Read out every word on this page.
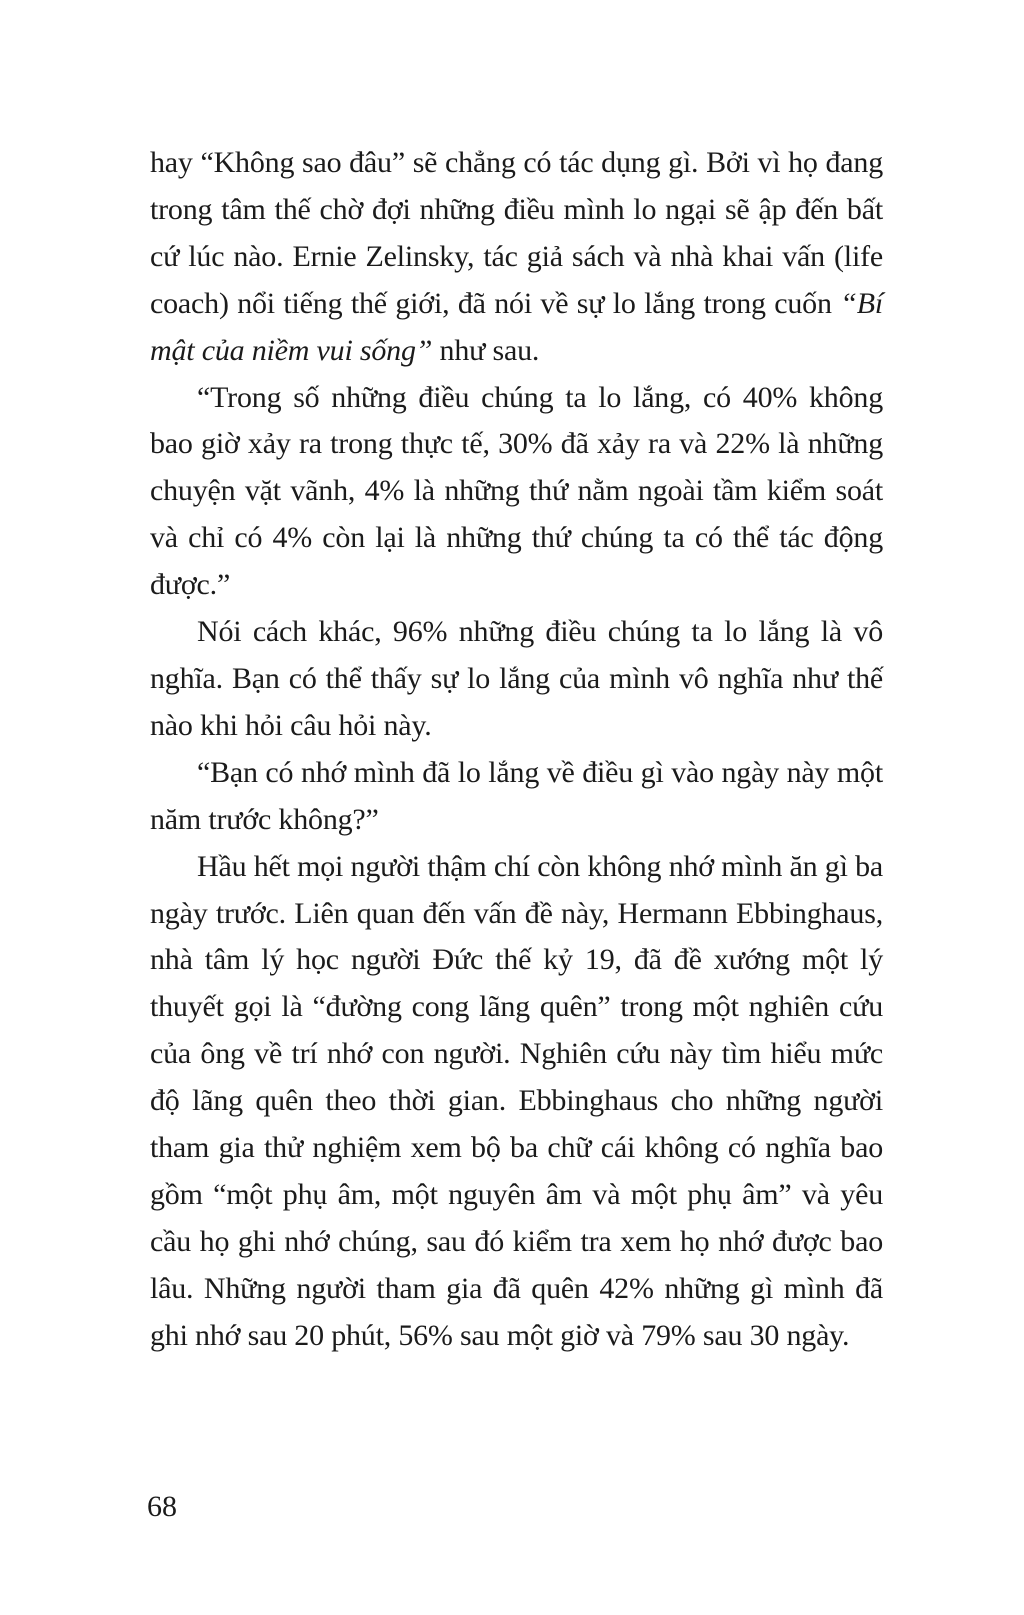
hay “Không sao đâu” sẽ chẳng có tác dụng gì. Bởi vì họ đang trong tâm thế chờ đợi những điều mình lo ngại sẽ ập đến bất cứ lúc nào. Ernie Zelinsky, tác giả sách và nhà khai vấn (life coach) nổi tiếng thế giới, đã nói về sự lo lắng trong cuốn “Bí mật của niềm vui sống” như sau.

“Trong số những điều chúng ta lo lắng, có 40% không bao giờ xảy ra trong thực tế, 30% đã xảy ra và 22% là những chuyện vặt vãnh, 4% là những thứ nằm ngoài tầm kiểm soát và chỉ có 4% còn lại là những thứ chúng ta có thể tác động được.”

Nói cách khác, 96% những điều chúng ta lo lắng là vô nghĩa. Bạn có thể thấy sự lo lắng của mình vô nghĩa như thế nào khi hỏi câu hỏi này.

“Bạn có nhớ mình đã lo lắng về điều gì vào ngày này một năm trước không?”

Hầu hết mọi người thậm chí còn không nhớ mình ăn gì ba ngày trước. Liên quan đến vấn đề này, Hermann Ebbinghaus, nhà tâm lý học người Đức thế kỷ 19, đã đề xướng một lý thuyết gọi là “đường cong lãng quên” trong một nghiên cứu của ông về trí nhớ con người. Nghiên cứu này tìm hiểu mức độ lãng quên theo thời gian. Ebbinghaus cho những người tham gia thử nghiệm xem bộ ba chữ cái không có nghĩa bao gồm “một phụ âm, một nguyên âm và một phụ âm” và yêu cầu họ ghi nhớ chúng, sau đó kiểm tra xem họ nhớ được bao lâu. Những người tham gia đã quên 42% những gì mình đã ghi nhớ sau 20 phút, 56% sau một giờ và 79% sau 30 ngày.

68
